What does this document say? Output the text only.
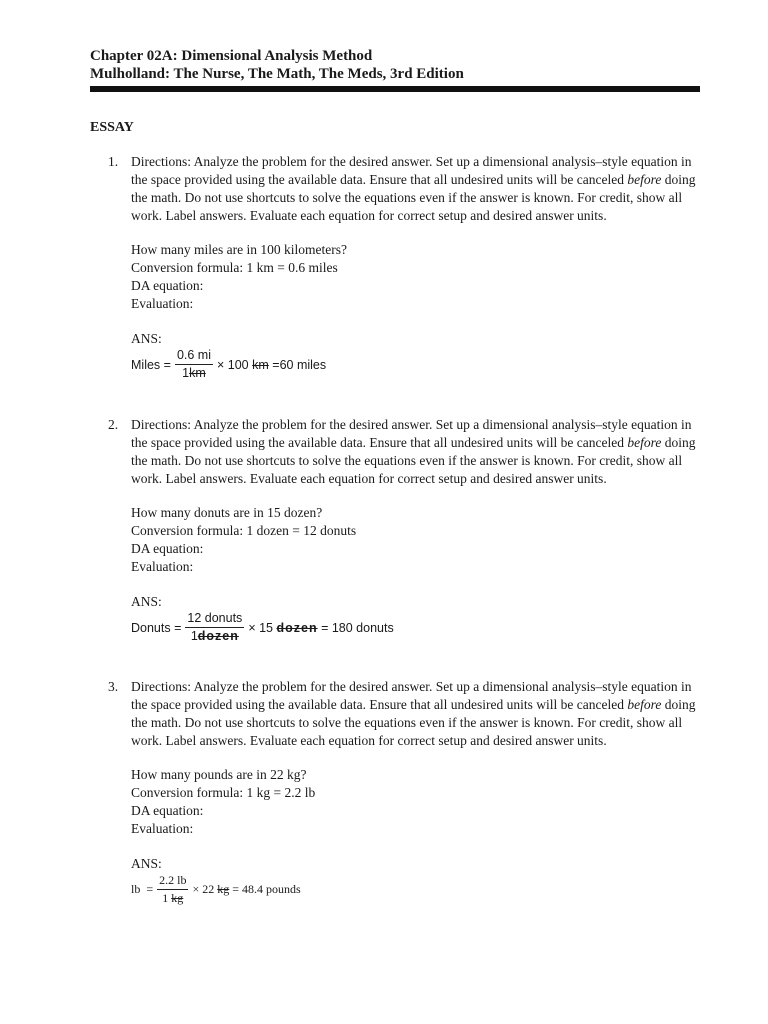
Chapter 02A: Dimensional Analysis Method
Mulholland: The Nurse, The Math, The Meds, 3rd Edition
ESSAY
1. Directions: Analyze the problem for the desired answer. Set up a dimensional analysis–style equation in the space provided using the available data. Ensure that all undesired units will be canceled before doing the math. Do not use shortcuts to solve the equations even if the answer is known. For credit, show all work. Label answers. Evaluate each equation for correct setup and desired answer units.
How many miles are in 100 kilometers?
Conversion formula: 1 km = 0.6 miles
DA equation:
Evaluation:
ANS:
Miles = $\frac{0.6 mi}{1km} \times 100$
km
=60 miles
2. Directions: Analyze the problem for the desired answer. Set up a dimensional analysis–style equation in the space provided using the available data. Ensure that all undesired units will be canceled before doing the math. Do not use shortcuts to solve the equations even if the answer is known. For credit, show all work. Label answers. Evaluate each equation for correct setup and desired answer units.
How many donuts are in 15 dozen?
Conversion formula: 1 dozen = 12 donuts
DA equation:
Evaluation:
ANS:
Donuts = $\frac{\text{12 donuts}}{\text{1dozen}} \times 15$
dozen
= 180 donuts
3. Directions: Analyze the problem for the desired answer. Set up a dimensional analysis–style equation in the space provided using the available data. Ensure that all undesired units will be canceled before doing the math. Do not use shortcuts to solve the equations even if the answer is known. For credit, show all work. Label answers. Evaluate each equation for correct setup and desired answer units.
How many pounds are in 22 kg?
Conversion formula: 1 kg = 2.2 lb
DA equation:
Evaluation:
ANS:
lb  = $\frac{2.2 lb}{1 kg} \times 22$
kg
= 48.4 pounds
